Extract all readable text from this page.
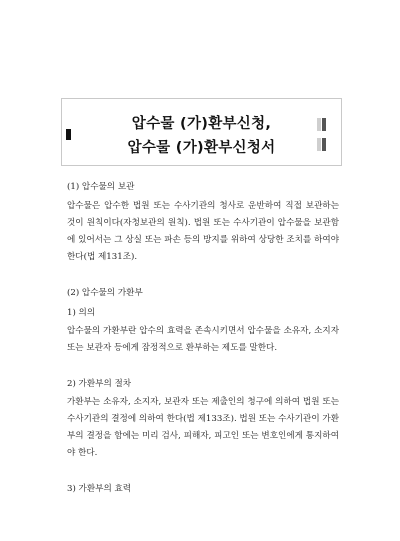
압수물 (가)환부신청,
압수물 (가)환부신청서

(1) 압수물의 보관

압수물은 압수한 법원 또는 수사기관의 청사로 운반하여 직접 보관하는 것이 원칙이다(자청보관의 원칙). 법원 또는 수사기관이 압수물을 보관함에 있어서는 그 상실 또는 파손 등의 방지를 위하여 상당한 조치를 하여야 한다(법 제131조).

(2) 압수물의 가환부

1) 의의

압수물의 가환부란 압수의 효력을 존속시키면서 압수물을 소유자, 소지자 또는 보관자 등에게 잠정적으로 환부하는 제도를 말한다.

2) 가환부의 절차

가환부는 소유자, 소지자, 보관자 또는 제출인의 청구에 의하여 법원 또는 수사기관의 결정에 의하여 한다(법 제133조). 법원 또는 수사기관이 가환부의 결정을 함에는 미리 검사, 피해자, 피고인 또는 변호인에게 통지하여야 한다.

3) 가환부의 효력
